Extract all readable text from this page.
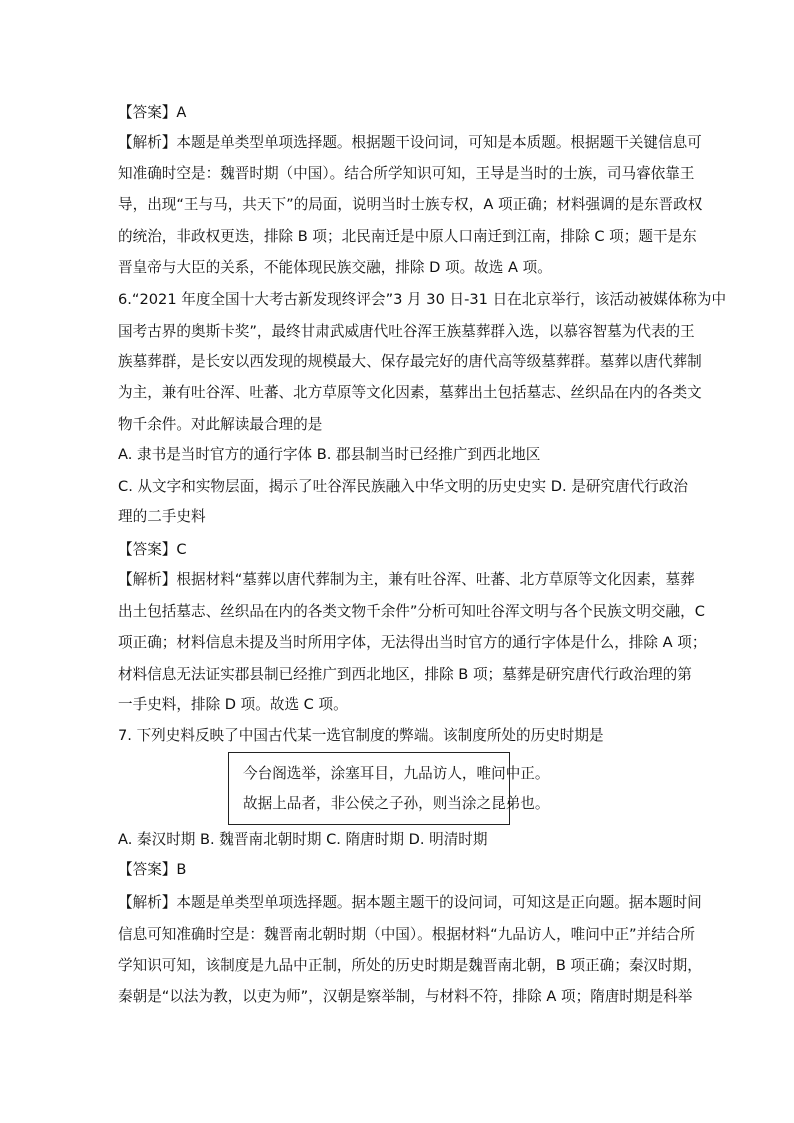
【答案】A
【解析】本题是单类型单项选择题。根据题干设问词，可知是本质题。根据题干关键信息可
知准确时空是：魏晋时期（中国）。结合所学知识可知，王导是当时的士族，司马睿依靠王
导，出现“王与马，共天下”的局面，说明当时士族专权，A 项正确；材料强调的是东晋政权
的统治，非政权更迭，排除 B 项；北民南迁是中原人口南迁到江南，排除 C 项；题干是东
晋皇帝与大臣的关系，不能体现民族交融，排除 D 项。故选 A 项。
6.“2021 年度全国十大考古新发现终评会”3 月 30 日-31 日在北京举行，该活动被媒体称为中
国考古界的奥斯卡奖”，最终甘肃武威唐代吐谷浑王族墓葬群入选，以慕容智墓为代表的王
族墓葬群，是长安以西发现的规模最大、保存最完好的唐代高等级墓葬群。墓葬以唐代葬制
为主，兼有吐谷浑、吐蕃、北方草原等文化因素，墓葬出土包括墓志、丝织品在内的各类文
物千余件。对此解读最合理的是
A. 隶书是当时官方的通行字体 B. 郡县制当时已经推广到西北地区
C. 从文字和实物层面，揭示了吐谷浑民族融入中华文明的历史史实 D. 是研究唐代行政治
理的二手史料
【答案】C
【解析】根据材料“墓葬以唐代葬制为主，兼有吐谷浑、吐蕃、北方草原等文化因素，墓葬
出土包括墓志、丝织品在内的各类文物千余件”分析可知吐谷浑文明与各个民族文明交融，C
项正确；材料信息未提及当时所用字体，无法得出当时官方的通行字体是什么，排除 A 项；
材料信息无法证实郡县制已经推广到西北地区，排除 B 项；墓葬是研究唐代行政治理的第
一手史料，排除 D 项。故选 C 项。
7. 下列史料反映了中国古代某一选官制度的弊端。该制度所处的历史时期是
今台阁选举，涂塞耳目，九品访人，唯问中正。
故据上品者，非公侯之子孙，则当涂之昆弟也。
A. 秦汉时期 B. 魏晋南北朝时期 C. 隋唐时期 D. 明清时期
【答案】B
【解析】本题是单类型单项选择题。据本题主题干的设问词，可知这是正向题。据本题时间
信息可知准确时空是：魏晋南北朝时期（中国）。根据材料“九品访人，唯问中正”并结合所
学知识可知，该制度是九品中正制，所处的历史时期是魏晋南北朝，B 项正确；秦汉时期，
秦朝是“以法为教，以吏为师”，汉朝是察举制，与材料不符，排除 A 项；隋唐时期是科举
